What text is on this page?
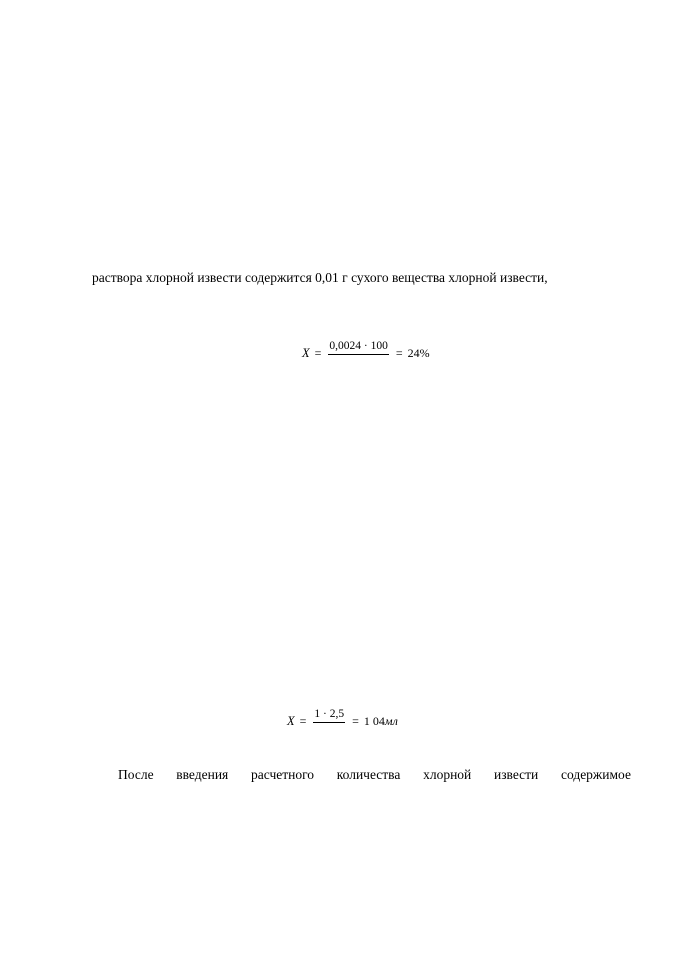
раствора хлорной извести содержится 0,01 г сухого вещества хлорной извести,
X =
0,0024 · 100
= 24%
X =
1 · 2,5
= 1 04 мл
После введения расчетного количества хлорной извести содержимое
